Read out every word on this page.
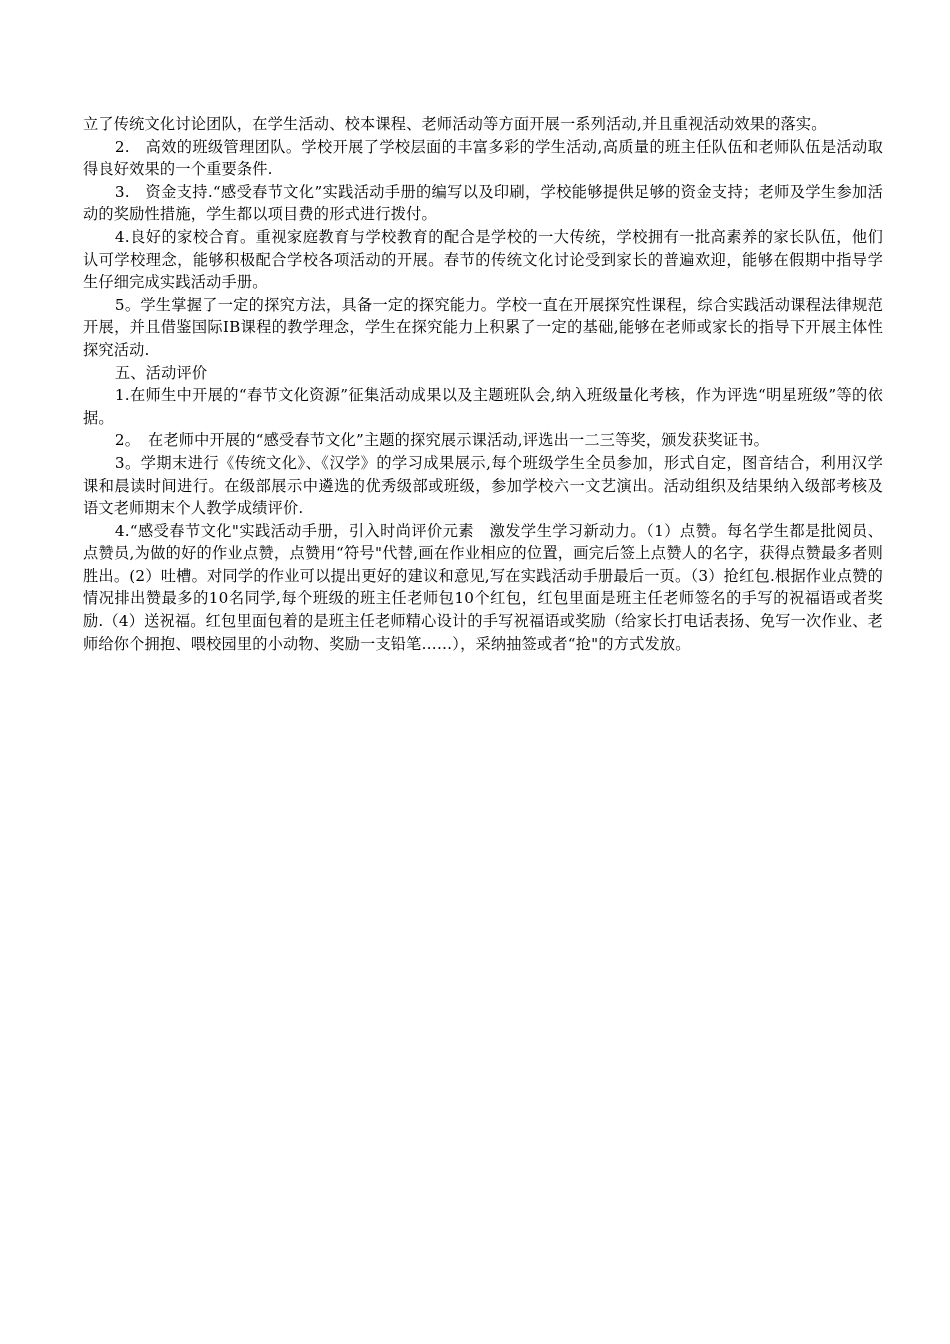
立了传统文化讨论团队，在学生活动、校本课程、老师活动等方面开展一系列活动,并且重视活动效果的落实。

2.　高效的班级管理团队。学校开展了学校层面的丰富多彩的学生活动,高质量的班主任队伍和老师队伍是活动取得良好效果的一个重要条件.

3.　资金支持.“感受春节文化”实践活动手册的编写以及印刷，学校能够提供足够的资金支持；老师及学生参加活动的奖励性措施，学生都以项目费的形式进行拨付。

4.良好的家校合育。重视家庭教育与学校教育的配合是学校的一大传统，学校拥有一批高素养的家长队伍，他们认可学校理念，能够积极配合学校各项活动的开展。春节的传统文化讨论受到家长的普遍欢迎，能够在假期中指导学生仔细完成实践活动手册。

5。学生掌握了一定的探究方法，具备一定的探究能力。学校一直在开展探究性课程，综合实践活动课程法律规范开展，并且借鉴国际IB课程的教学理念，学生在探究能力上积累了一定的基础,能够在老师或家长的指导下开展主体性探究活动.

五、活动评价

1.在师生中开展的“春节文化资源”征集活动成果以及主题班队会,纳入班级量化考核，作为评选“明星班级”等的依据。

2。　在老师中开展的“感受春节文化”主题的探究展示课活动,评选出一二三等奖，颁发获奖证书。

3。学期末进行《传统文化》、《汉学》的学习成果展示,每个班级学生全员参加，形式自定，图音结合，利用汉学课和晨读时间进行。在级部展示中遴选的优秀级部或班级，参加学校六一文艺演出。活动组织及结果纳入级部考核及语文老师期末个人教学成绩评价.

4.“感受春节文化"实践活动手册，引入时尚评价元素　激发学生学习新动力。（1）点赞。每名学生都是批阅员、点赞员,为做的好的作业点赞，点赞用“符号"代替,画在作业相应的位置，画完后签上点赞人的名字，获得点赞最多者则胜出。(2）吐槽。对同学的作业可以提出更好的建议和意见,写在实践活动手册最后一页。（3）抢红包.根据作业点赞的情况排出赞最多的10名同学,每个班级的班主任老师包10个红包，红包里面是班主任老师签名的手写的祝福语或者奖励.（4）送祝福。红包里面包着的是班主任老师精心设计的手写祝福语或奖励（给家长打电话表扬、免写一次作业、老师给你个拥抱、喂校园里的小动物、奖励一支铅笔……），采纳抽签或者“抢"的方式发放。
